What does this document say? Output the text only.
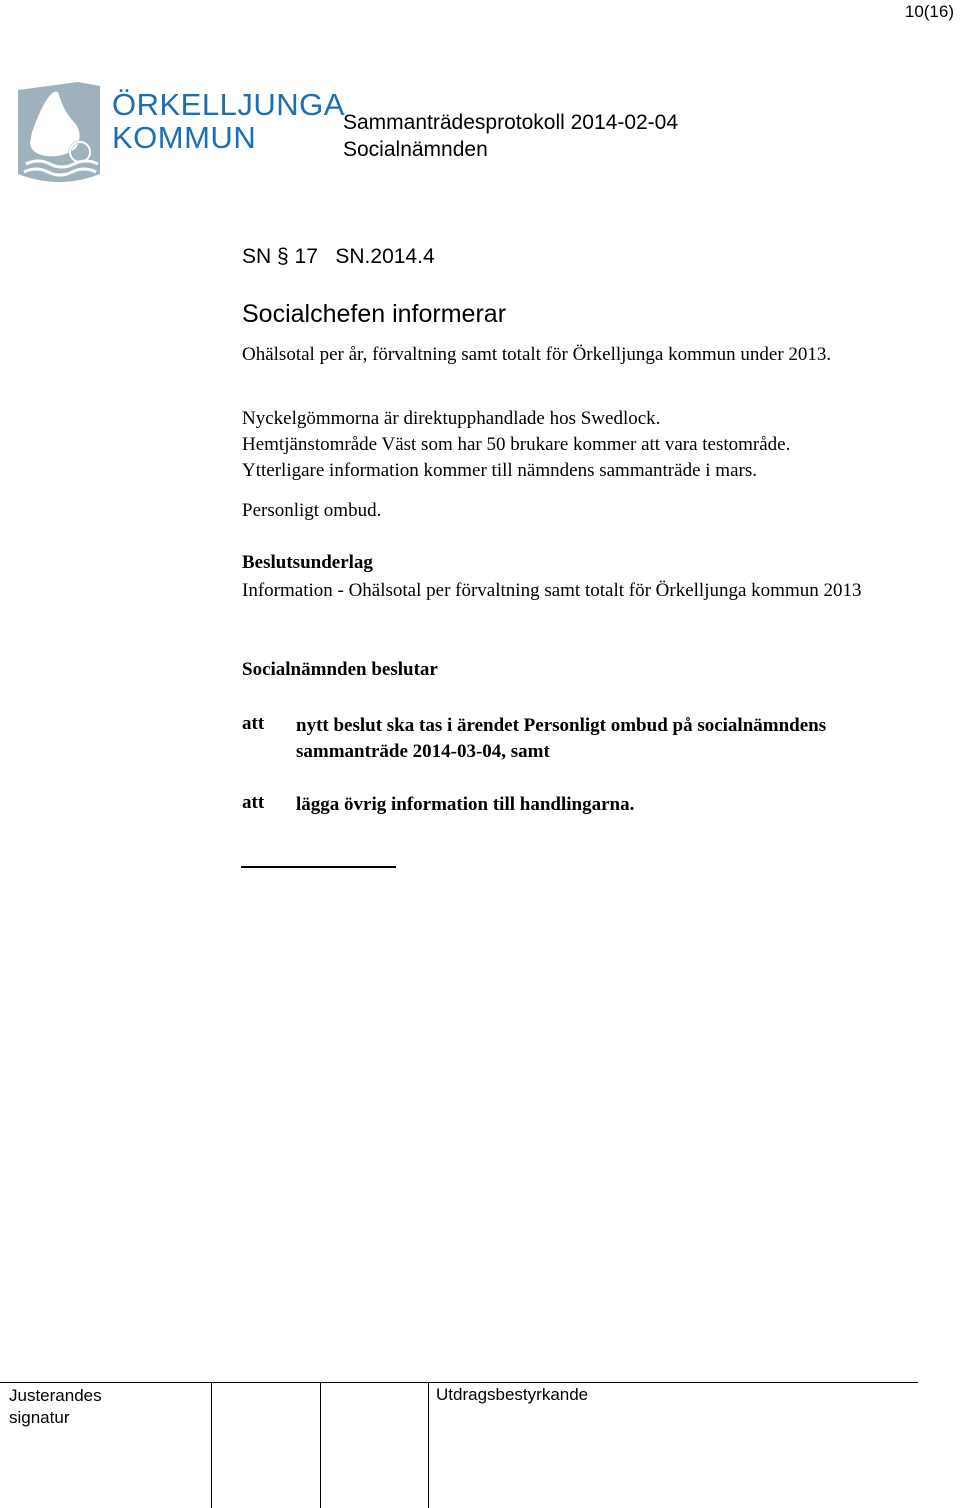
10(16)
ÖRKELLJUNGA
KOMMUN	Sammanträdesprotokoll 2014-02-04
Socialnämnden
SN § 17   SN.2014.4
Socialchefen informerar
Ohälsotal per år, förvaltning samt totalt för Örkelljunga kommun under 2013.
Nyckelgömmorna är direktupphandlade hos Swedlock.
Hemtjänstområde Väst som har 50 brukare kommer att vara testområde.
Ytterligare information kommer till nämndens sammanträde i mars.
Personligt ombud.
Beslutsunderlag
Information - Ohälsotal per förvaltning samt totalt för Örkelljunga kommun 2013
Socialnämnden beslutar
att nytt beslut ska tas i ärendet Personligt ombud på socialnämndens sammanträde 2014-03-04, samt
att lägga övrig information till handlingarna.
Justerandes
signatur
Utdragsbestyrkande
